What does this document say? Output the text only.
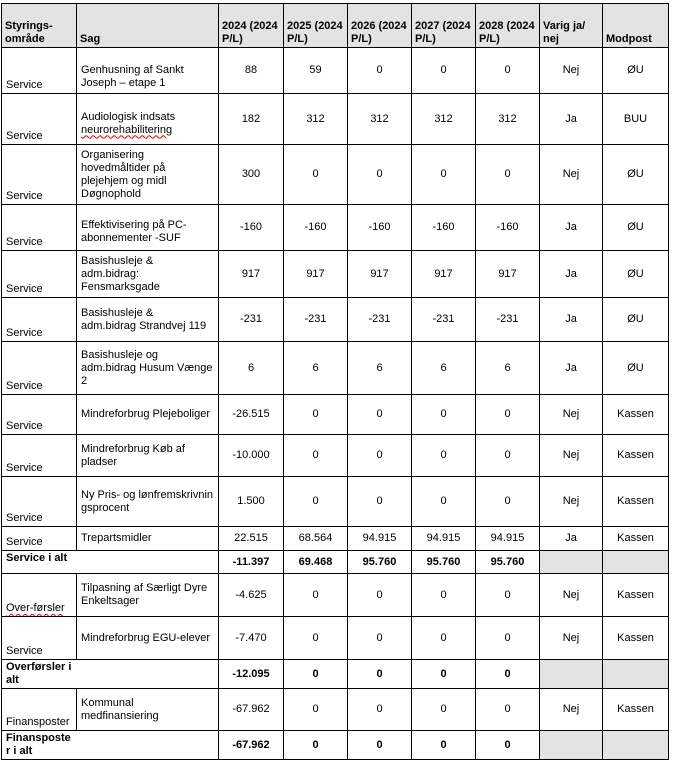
Styrings-område	Sag	2024 (2024 P/L)	2025 (2024 P/L)	2026 (2024 P/L)	2027 (2024 P/L)	2028 (2024 P/L)	Varig ja/ nej	Modpost
Service	Genhusning af Sankt Joseph – etape 1	88	59	0	0	0	Nej	ØU
Service	Audiologisk indsats neurorehabilitering	182	312	312	312	312	Ja	BUU
Service	Organisering hovedmåltider på plejehjem og midl Døgnophold	300	0	0	0	0	Nej	ØU
Service	Effektivisering på PC-abonnementer -SUF	-160	-160	-160	-160	-160	Ja	ØU
Service	Basishusleje & adm.bidrag: Fensmarksgade	917	917	917	917	917	Ja	ØU
Service	Basishusleje & adm.bidrag Strandvej 119	-231	-231	-231	-231	-231	Ja	ØU
Service	Basishusleje og adm.bidrag Husum Vænge 2	6	6	6	6	6	Ja	ØU
Service	Mindreforbrug Plejeboliger	-26.515	0	0	0	0	Nej	Kassen
Service	Mindreforbrug Køb af pladser	-10.000	0	0	0	0	Nej	Kassen
Service	Ny Pris- og lønfremskrivningsprocent	1.500	0	0	0	0	Nej	Kassen
Service	Trepartsmidler	22.515	68.564	94.915	94.915	94.915	Ja	Kassen
Service i alt		-11.397	69.468	95.760	95.760	95.760		
Over-førsler	Tilpasning af Særligt Dyre Enkeltsager	-4.625	0	0	0	0	Nej	Kassen
Service	Mindreforbrug EGU-elever	-7.470	0	0	0	0	Nej	Kassen

Overførsler i alt		-12.095	0	0	0	0		
Finansposter	Kommunal medfinansiering	-67.962	0	0	0	0	Nej	Kassen

Finansposter i alt		-67.962	0	0	0	0		
